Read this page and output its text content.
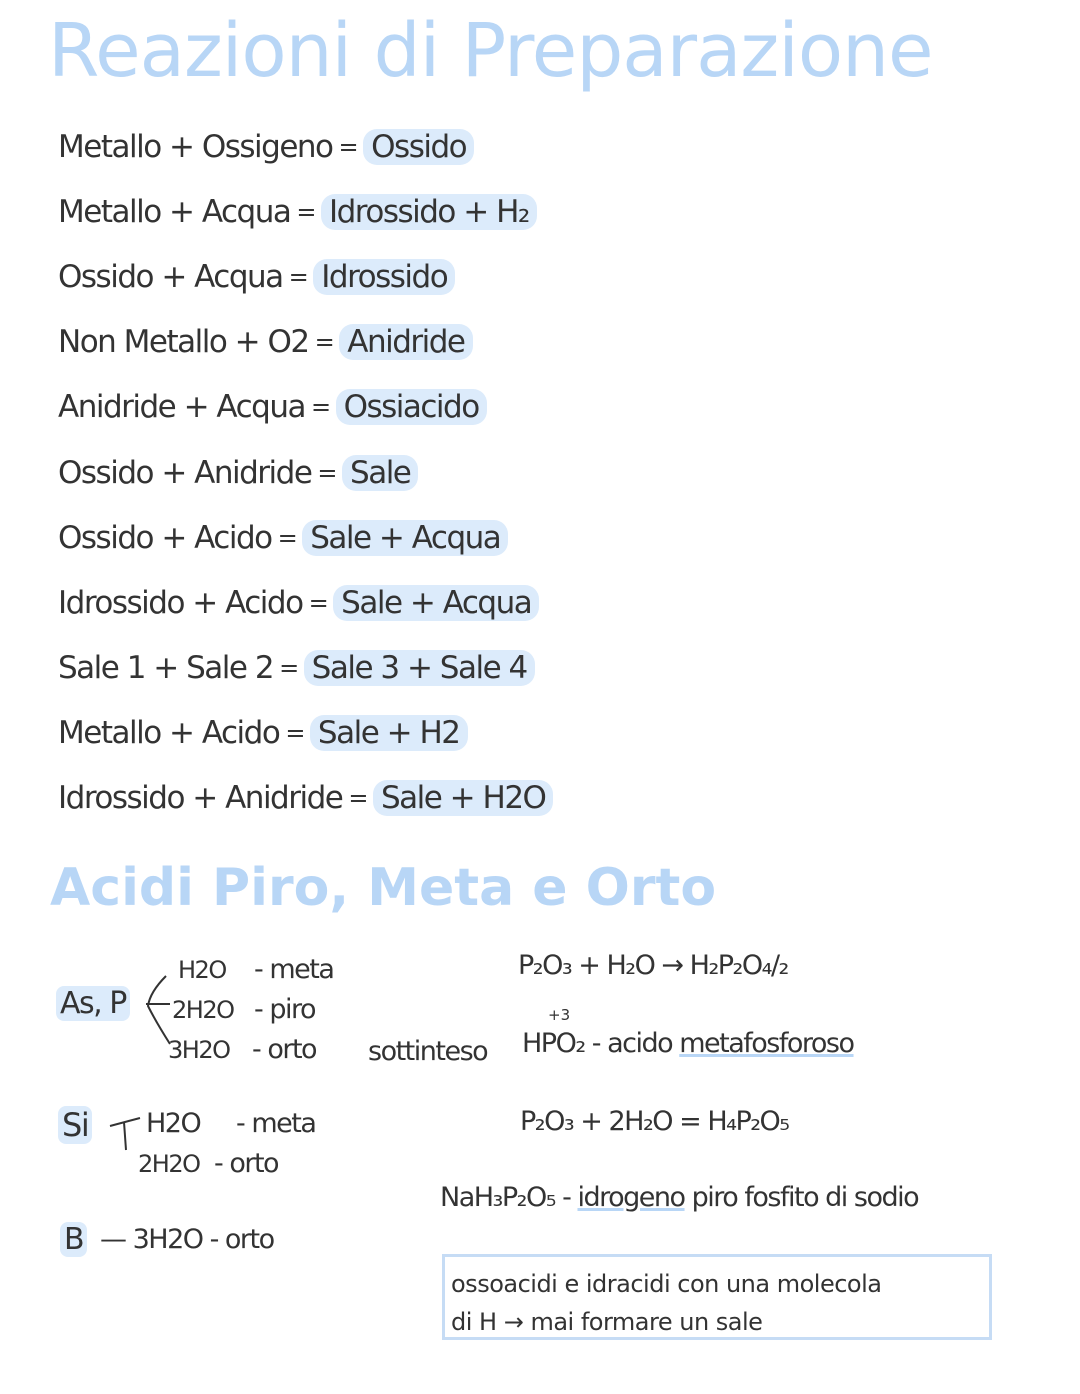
Reazioni di Preparazione
Metallo + Ossigeno = Ossido
Metallo + Acqua = Idrossido + H₂
Ossido + Acqua = Idrossido
Non Metallo + O2 = Anidride
Anidride + Acqua = Ossiacido
Ossido + Anidride = Sale
Ossido + Acido = Sale + Acqua
Idrossido + Acido = Sale + Acqua
Sale 1 + Sale 2 = Sale 3 + Sale 4
Metallo + Acido = Sale + H2
Idrossido + Anidride = Sale + H2O
Acidi Piro, Meta e Orto
As, P
H2O - meta
2H2O - piro
3H2O - orto sottinteso
Si H2O - meta
2H2O - orto
B — 3H2O - orto
P₂O₃ + H₂O → H₂P₂O₄/₂
+3
HPO₂ - acido metafosforoso
P₂O₃ + 2H₂O = H₄P₂O₅
NaH₃P₂O₅ - idrogeno piro fosfito di sodio
ossoacidi e idracidi con una molecola
di H → mai formare un sale
